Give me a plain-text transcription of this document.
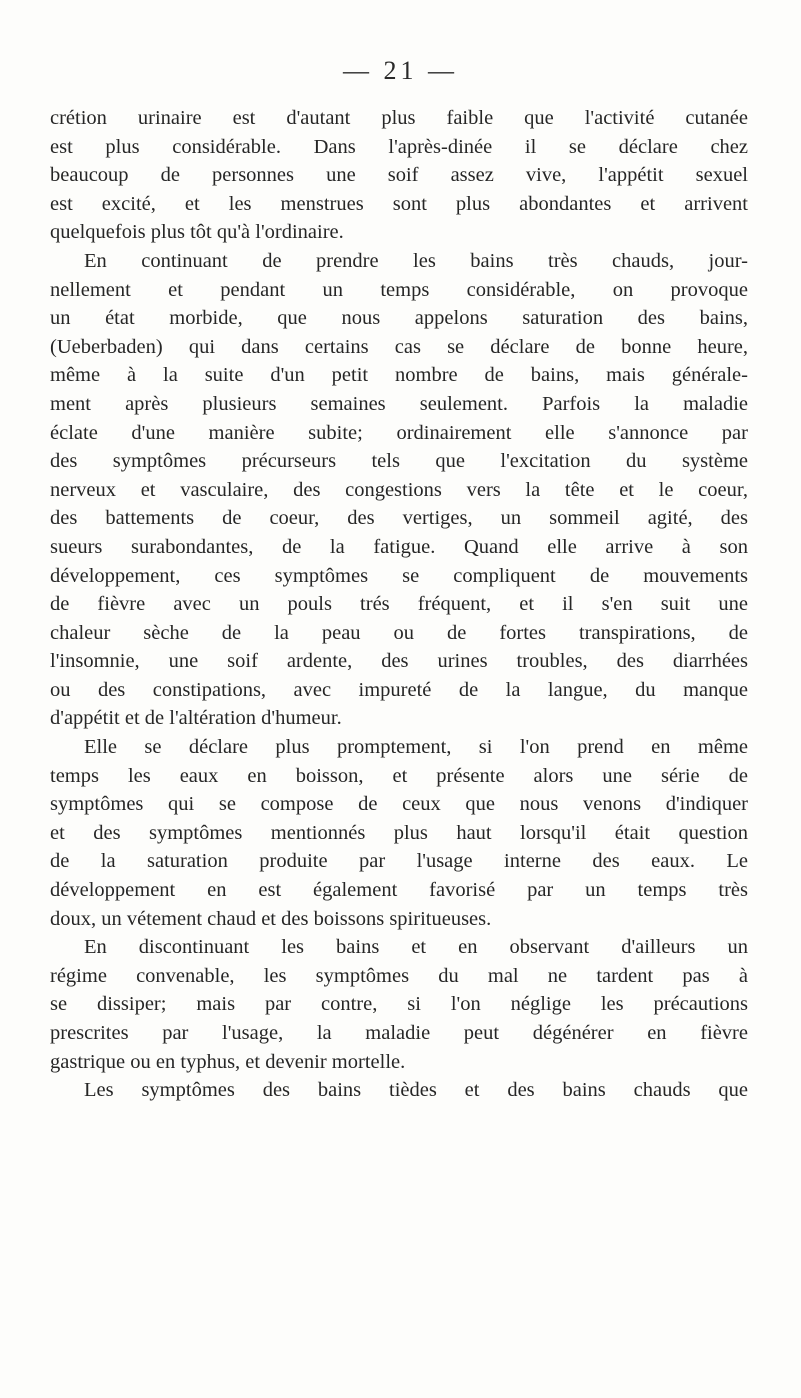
— 21 —
crétion urinaire est d'autant plus faible que l'activité cutanée
est plus considérable. Dans l'après-dinée il se déclare chez
beaucoup de personnes une soif assez vive, l'appétit sexuel
est excité, et les menstrues sont plus abondantes et arrivent
quelquefois plus tôt qu'à l'ordinaire.
En continuant de prendre les bains très chauds, jour-
nellement et pendant un temps considérable, on provoque
un état morbide, que nous appelons saturation des bains,
(Ueberbaden) qui dans certains cas se déclare de bonne heure,
même à la suite d'un petit nombre de bains, mais générale-
ment après plusieurs semaines seulement. Parfois la maladie
éclate d'une manière subite; ordinairement elle s'annonce par
des symptômes précurseurs tels que l'excitation du système
nerveux et vasculaire, des congestions vers la tête et le coeur,
des battements de coeur, des vertiges, un sommeil agité, des
sueurs surabondantes, de la fatigue. Quand elle arrive à son
développement, ces symptômes se compliquent de mouvements
de fièvre avec un pouls trés fréquent, et il s'en suit une
chaleur sèche de la peau ou de fortes transpirations, de
l'insomnie, une soif ardente, des urines troubles, des diarrhées
ou des constipations, avec impureté de la langue, du manque
d'appétit et de l'altération d'humeur.
Elle se déclare plus promptement, si l'on prend en même
temps les eaux en boisson, et présente alors une série de
symptômes qui se compose de ceux que nous venons d'indiquer
et des symptômes mentionnés plus haut lorsqu'il était question
de la saturation produite par l'usage interne des eaux. Le
développement en est également favorisé par un temps très
doux, un vétement chaud et des boissons spiritueuses.
En discontinuant les bains et en observant d'ailleurs un
régime convenable, les symptômes du mal ne tardent pas à
se dissiper; mais par contre, si l'on néglige les précautions
prescrites par l'usage, la maladie peut dégénérer en fièvre
gastrique ou en typhus, et devenir mortelle.
Les symptômes des bains tièdes et des bains chauds que
